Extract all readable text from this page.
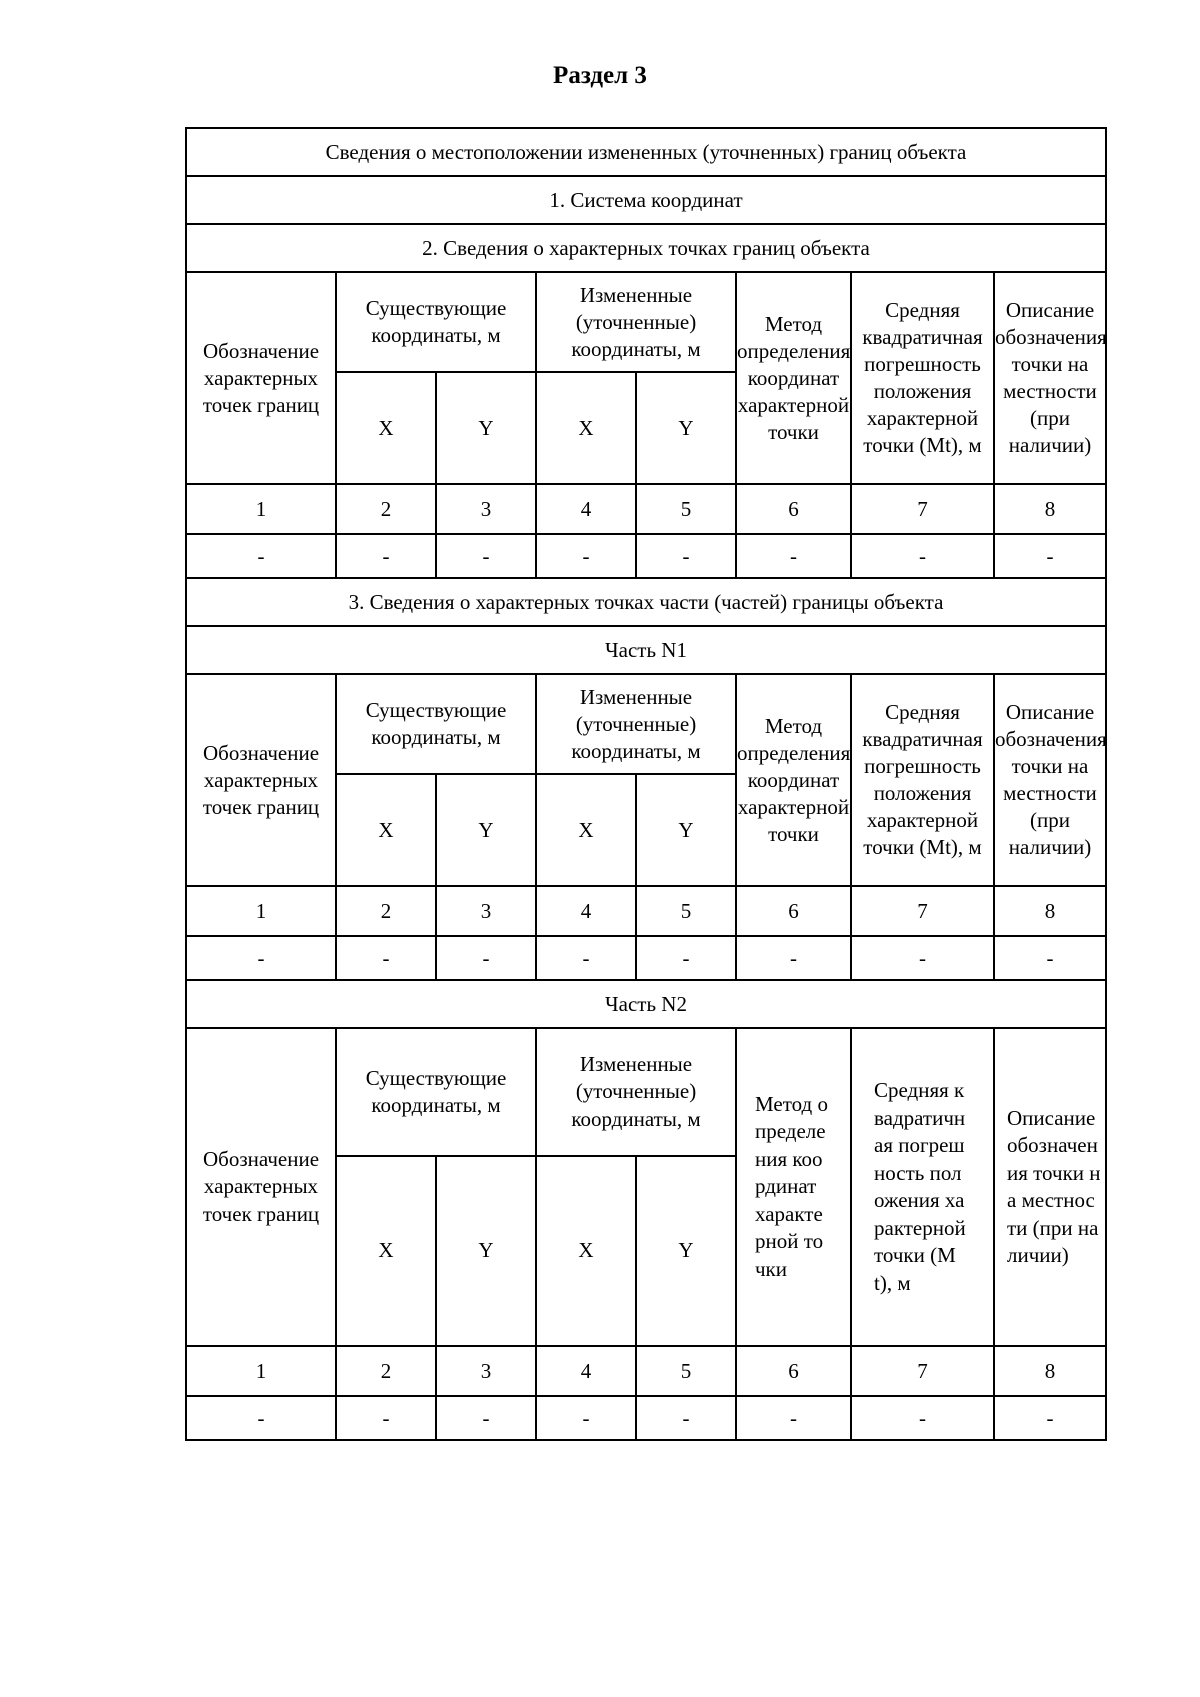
Раздел 3
Сведения о местоположении измененных (уточненных) границ объекта							
1. Система координат							
2. Сведения о характерных точках границ объекта							
Обозначение характерных точек границ	Существующие координаты, м		Измененные (уточненные) координаты, м		Метод определения координат характерной точки	Средняя квадратичная погрешность положения характерной точки (Mt), м	Описание обозначения точки на местности (при наличии)
	X	Y	X	Y			
1	2	3	4	5	6	7	8
-	-	-	-	-	-	-	-
3. Сведения о характерных точках части (частей) границы объекта							
Часть N1							
Обозначение характерных точек границ	Существующие координаты, м		Измененные (уточненные) координаты, м		Метод определения координат характерной точки	Средняя квадратичная погрешность положения характерной точки (Mt), м	Описание обозначения точки на местности (при наличии)
	X	Y	X	Y			
1	2	3	4	5	6	7	8
-	-	-	-	-	-	-	-
Часть N2							
Обозначение характерных точек границ	Существующие координаты, м		Измененные (уточненные) координаты, м		Метод определения координат характерной точки	Средняя квадратичная погрешность положения характерной точки (Mt), м	Описание обозначения точки на местности (при наличии)
	X	Y	X	Y			
1	2	3	4	5	6	7	8
-	-	-	-	-	-	-	-
